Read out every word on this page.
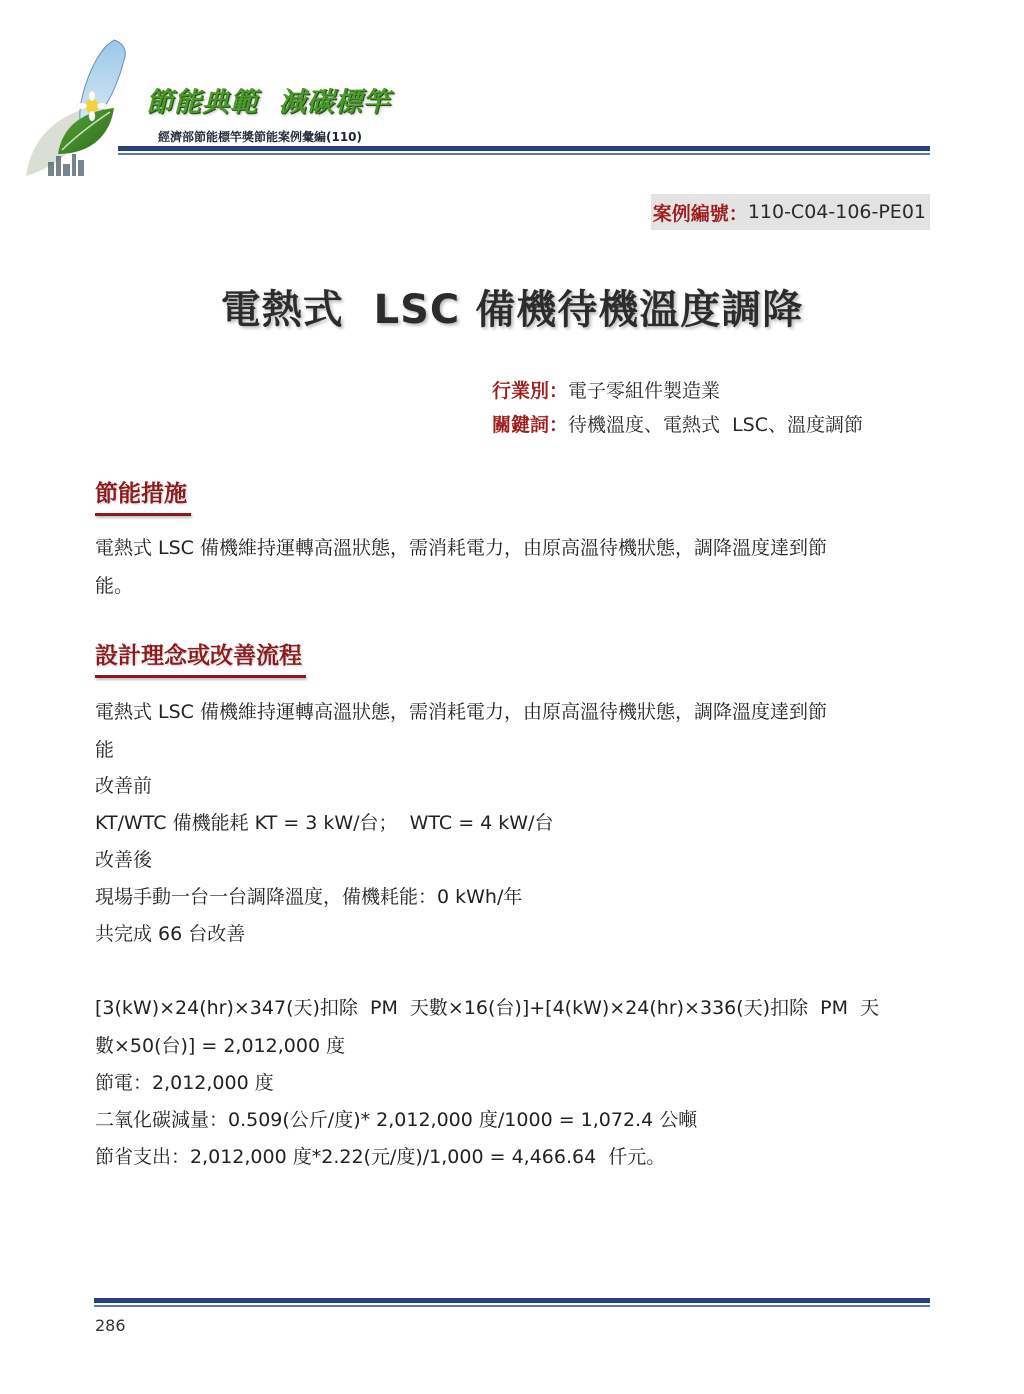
節能典範  減碳標竿

經濟部節能標竿獎節能案例彙編(110)

案例編號： 110-C04-106-PE01
電熱式  LSC 備機待機溫度調降
行業別：電子零組件製造業
關鍵詞：待機溫度、電熱式  LSC、溫度調節
節能措施

電熱式 LSC 備機維持運轉高溫狀態，需消耗電力，由原高溫待機狀態，調降溫度達到節

能。

設計理念或改善流程

電熱式 LSC 備機維持運轉高溫狀態，需消耗電力，由原高溫待機狀態，調降溫度達到節

能

改善前

KT/WTC 備機能耗 KT = 3 kW/台；  WTC = 4 kW/台

改善後

現場手動一台一台調降溫度，備機耗能：0 kWh/年

共完成 66 台改善

[3(kW)×24(hr)×347(天)扣除  PM  天數×16(台)]+[4(kW)×24(hr)×336(天)扣除  PM  天

數×50(台)] = 2,012,000 度

節電：2,012,000 度

二氧化碳減量：0.509(公斤/度)* 2,012,000 度/1000 = 1,072.4 公噸

節省支出：2,012,000 度*2.22(元/度)/1,000 = 4,466.64  仟元。

286
